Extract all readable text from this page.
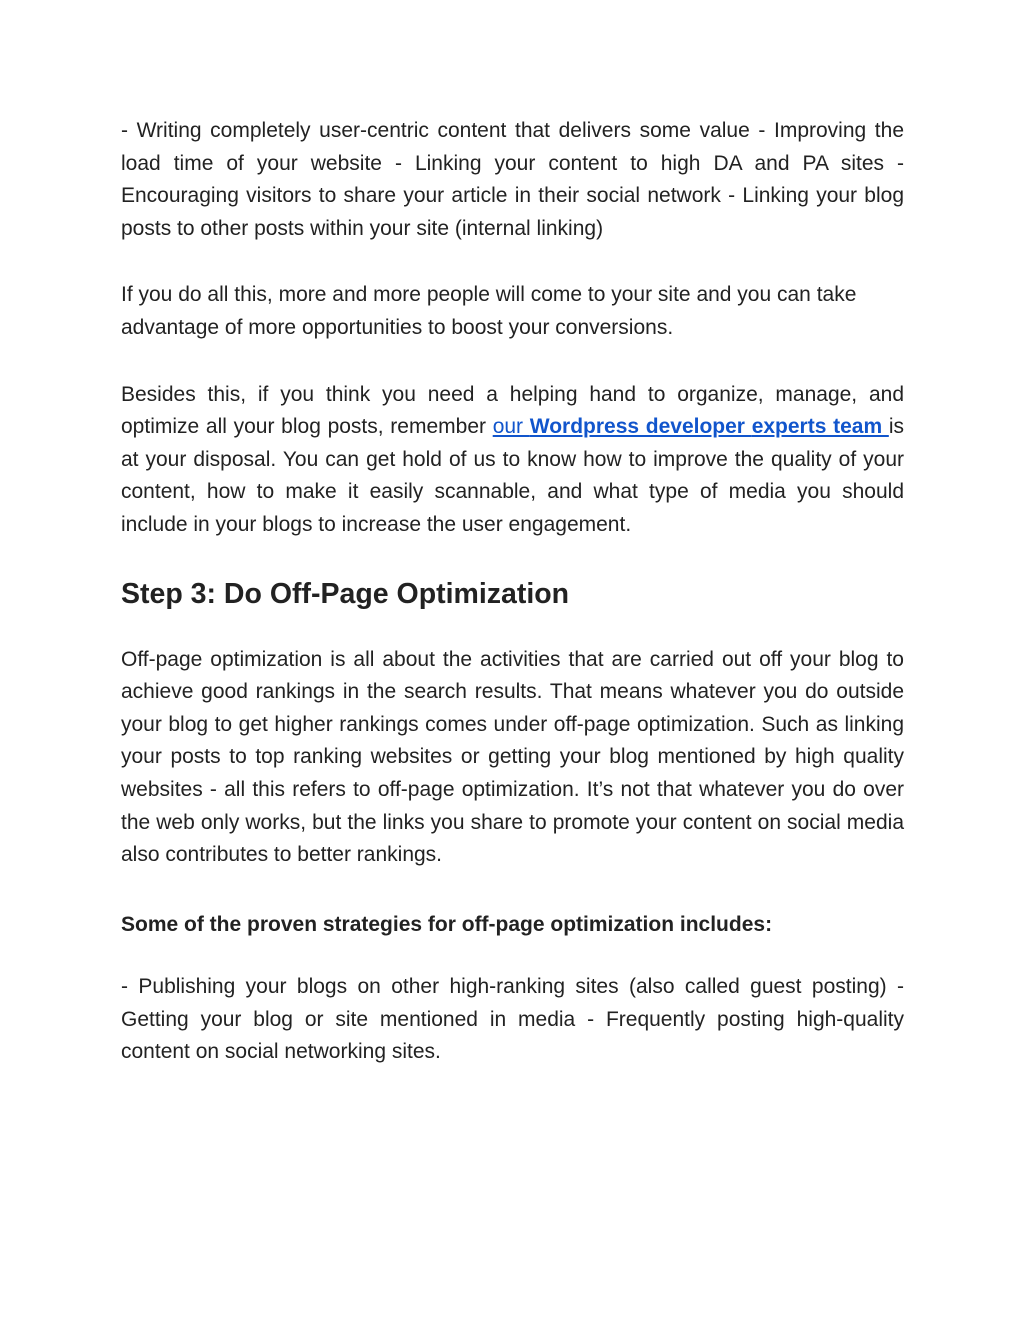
- Writing completely user-centric content that delivers some value - Improving the load time of your website - Linking your content to high DA and PA sites - Encouraging visitors to share your article in their social network - Linking your blog posts to other posts within your site (internal linking)

If you do all this, more and more people will come to your site and you can take advantage of more opportunities to boost your conversions.

Besides this, if you think you need a helping hand to organize, manage, and optimize all your blog posts, remember our Wordpress developer experts team is at your disposal. You can get hold of us to know how to improve the quality of your content, how to make it easily scannable, and what type of media you should include in your blogs to increase the user engagement.

Step 3: Do Off-Page Optimization

Off-page optimization is all about the activities that are carried out off your blog to achieve good rankings in the search results. That means whatever you do outside your blog to get higher rankings comes under off-page optimization. Such as linking your posts to top ranking websites or getting your blog mentioned by high quality websites - all this refers to off-page optimization. It’s not that whatever you do over the web only works, but the links you share to promote your content on social media also contributes to better rankings.

Some of the proven strategies for off-page optimization includes:

- Publishing your blogs on other high-ranking sites (also called guest posting) - Getting your blog or site mentioned in media - Frequently posting high-quality content on social networking sites.
